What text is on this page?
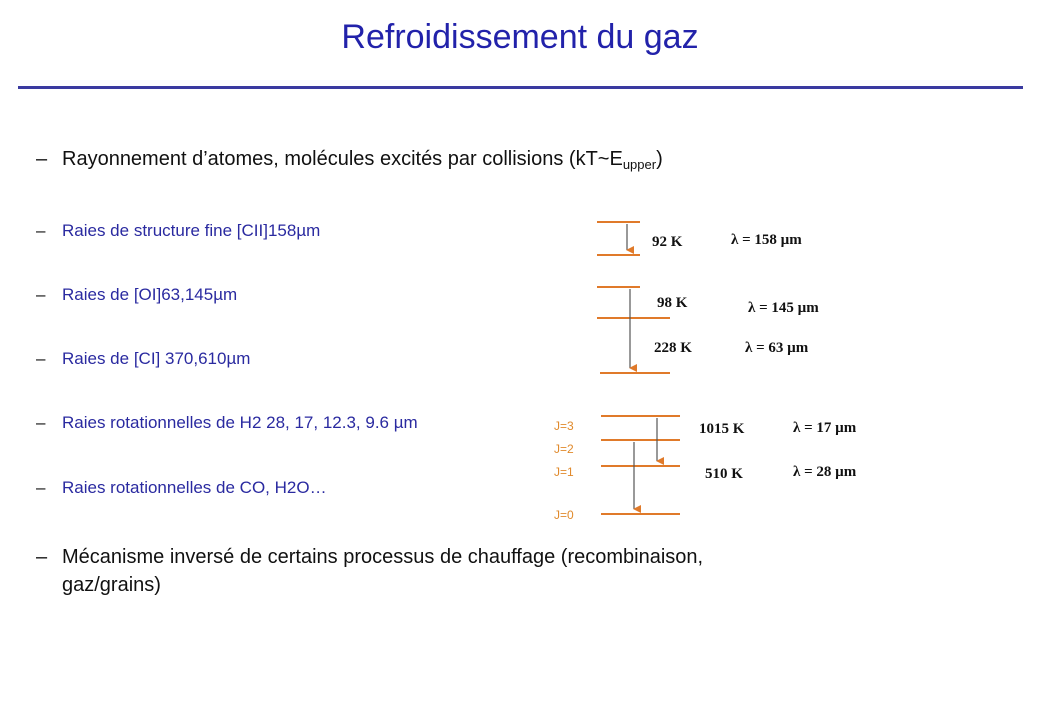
Refroidissement du gaz
– Rayonnement d’atomes, molécules excités par collisions $(kT\sim E_{upper})$
– Raies de structure fine [CII]158µm
– Raies de [OI]63,145µm
– Raies de [CI] 370,610µm
– Raies rotationnelles de H2 28, 17, 12.3, 9.6 µm
– Raies rotationnelles de CO, H2O…
– Mécanisme inversé de certains processus de chauffage (recombinaison,
gaz/grains)
92 K	λ = 158 µm
98 K	λ = 145 µm
228 K	λ = 63 µm
J=3
J=2
J=1
J=0
1015 K	λ = 17 µm
510 K	λ = 28 µm
